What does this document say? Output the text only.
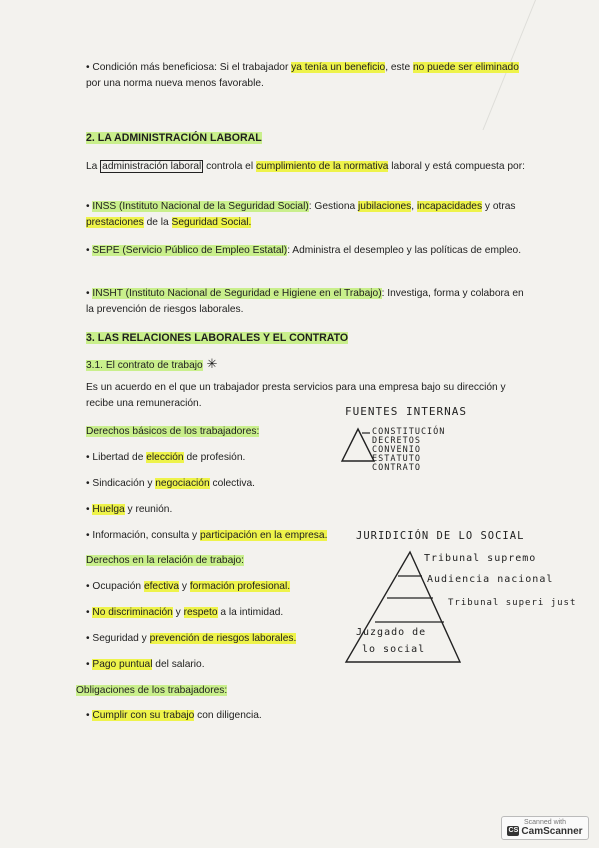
• Condición más beneficiosa: Si el trabajador ya tenía un beneficio, este no puede ser eliminado por una norma nueva menos favorable.
2. LA ADMINISTRACIÓN LABORAL
La administración laboral controla el cumplimiento de la normativa laboral y está compuesta por:
• INSS (Instituto Nacional de la Seguridad Social): Gestiona jubilaciones, incapacidades y otras prestaciones de la Seguridad Social.
• SEPE (Servicio Público de Empleo Estatal): Administra el desempleo y las políticas de empleo.
• INSHT (Instituto Nacional de Seguridad e Higiene en el Trabajo): Investiga, forma y colabora en la prevención de riesgos laborales.
3. LAS RELACIONES LABORALES Y EL CONTRATO
3.1. El contrato de trabajo ✳
Es un acuerdo en el que un trabajador presta servicios para una empresa bajo su dirección y recibe una remuneración.
Derechos básicos de los trabajadores:
• Libertad de elección de profesión.
• Sindicación y negociación colectiva.
• Huelga y reunión.
• Información, consulta y participación en la empresa.
Derechos en la relación de trabajo:
• Ocupación efectiva y formación profesional.
• No discriminación y respeto a la intimidad.
• Seguridad y prevención de riesgos laborales.
• Pago puntual del salario.
Obligaciones de los trabajadores:
• Cumplir con su trabajo con diligencia.
FUENTES INTERNAS
CONSTITUCIÓN
DECRETOS
CONVENIO
ESTATUTO
CONTRATO
JURIDICIÓN DE LO SOCIAL
Tribunal supremo
Audiencia nacional
Tribunal superi just
Juzgado de
lo social
Scanned with
CS CamScanner
